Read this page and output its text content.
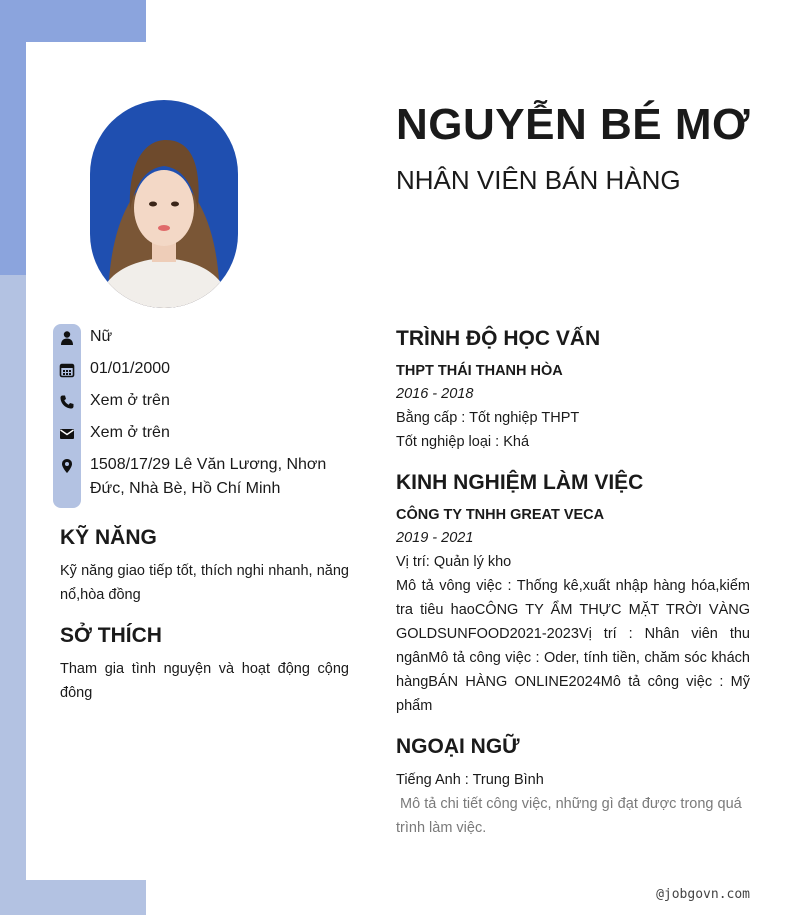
NGUYỄN BÉ MƠ
NHÂN VIÊN BÁN HÀNG
Nữ
01/01/2000
Xem ở trên
Xem ở trên
1508/17/29 Lê Văn Lương, Nhơn
Đức, Nhà Bè, Hồ Chí Minh
KỸ NĂNG
Kỹ năng giao tiếp tốt, thích nghi nhanh, năng nổ,hòa đồng
SỞ THÍCH
Tham gia tình nguyện và hoạt động cộng đông
TRÌNH ĐỘ HỌC VẤN
THPT THÁI THANH HÒA
2016 - 2018
Bằng cấp : Tốt nghiệp THPT
Tốt nghiệp loại : Khá
KINH NGHIỆM LÀM VIỆC
CÔNG TY TNHH GREAT VECA
2019 - 2021
Vị trí: Quản lý kho
Mô tả vông việc : Thống kê,xuất nhập hàng hóa,kiểm tra tiêu haoCÔNG TY ẨM THỰC MẶT TRỜI VÀNG GOLDSUNFOOD2021-2023Vị trí : Nhân viên thu ngânMô tả công việc : Oder, tính tiền, chăm sóc khách hàngBÁN HÀNG ONLINE2024Mô tả công việc : Mỹ phẩm
NGOẠI NGỮ
Tiếng Anh : Trung Bình
Mô tả chi tiết công việc, những gì đạt được trong quá trình làm việc.
@jobgovn.com
